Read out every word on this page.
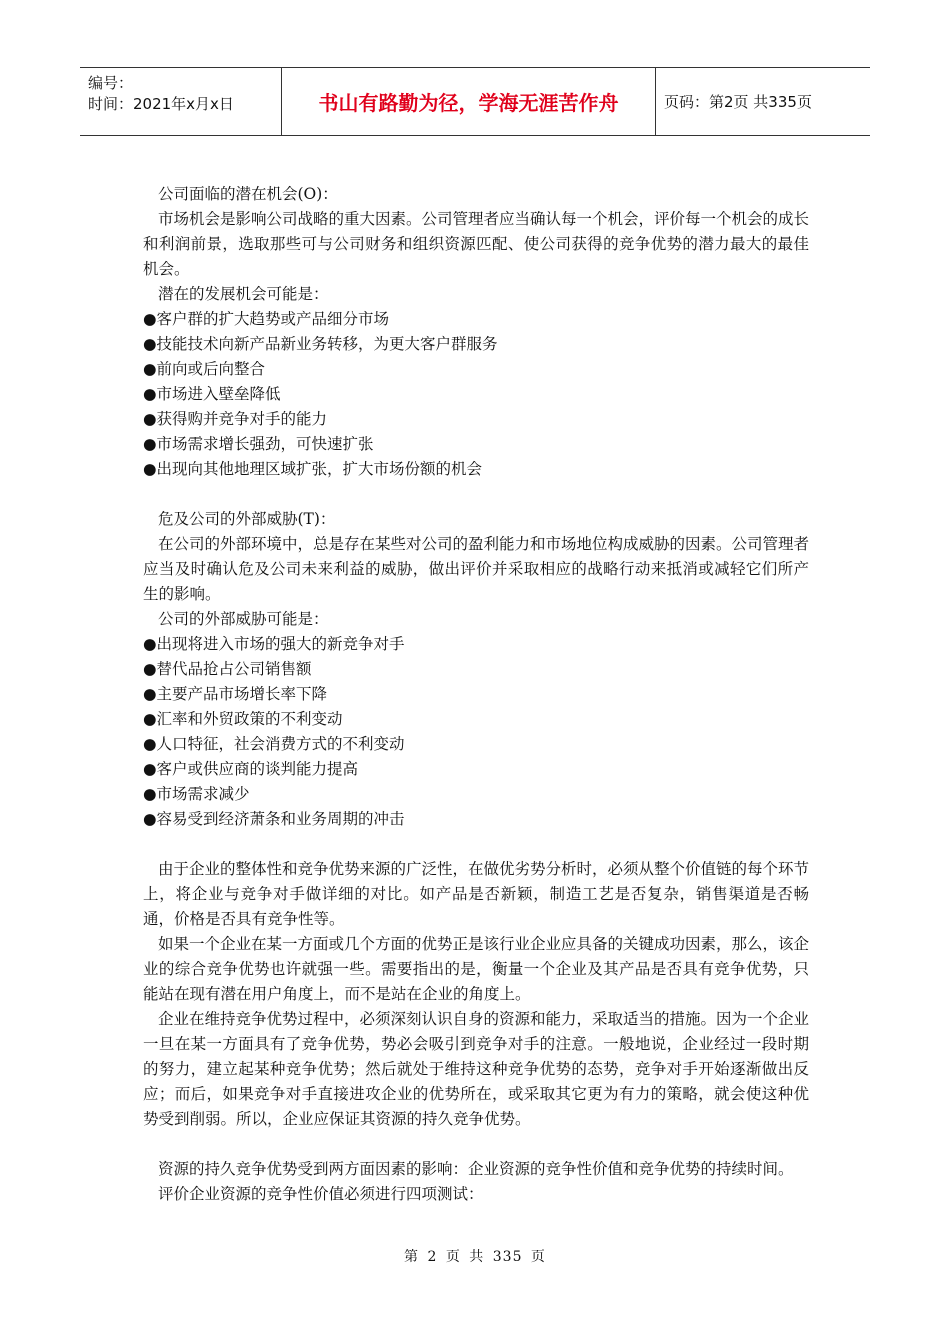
编号：
时间：2021年x月x日	书山有路勤为径，学海无涯苦作舟	页码：第2页 共335页

公司面临的潜在机会(O)：

市场机会是影响公司战略的重大因素。公司管理者应当确认每一个机会，评价每一个机会的成长和利润前景，选取那些可与公司财务和组织资源匹配、使公司获得的竞争优势的潜力最大的最佳机会。

潜在的发展机会可能是：

●客户群的扩大趋势或产品细分市场
●技能技术向新产品新业务转移，为更大客户群服务
●前向或后向整合
●市场进入壁垒降低
●获得购并竞争对手的能力
●市场需求增长强劲，可快速扩张
●出现向其他地理区域扩张，扩大市场份额的机会

危及公司的外部威胁(T)：

在公司的外部环境中，总是存在某些对公司的盈利能力和市场地位构成威胁的因素。公司管理者应当及时确认危及公司未来利益的威胁，做出评价并采取相应的战略行动来抵消或减轻它们所产生的影响。

公司的外部威胁可能是：

●出现将进入市场的强大的新竞争对手
●替代品抢占公司销售额
●主要产品市场增长率下降
●汇率和外贸政策的不利变动
●人口特征，社会消费方式的不利变动
●客户或供应商的谈判能力提高
●市场需求减少
●容易受到经济萧条和业务周期的冲击

由于企业的整体性和竞争优势来源的广泛性，在做优劣势分析时，必须从整个价值链的每个环节上，将企业与竞争对手做详细的对比。如产品是否新颖，制造工艺是否复杂，销售渠道是否畅通，价格是否具有竞争性等。

如果一个企业在某一方面或几个方面的优势正是该行业企业应具备的关键成功因素，那么，该企业的综合竞争优势也许就强一些。需要指出的是，衡量一个企业及其产品是否具有竞争优势，只能站在现有潜在用户角度上，而不是站在企业的角度上。

企业在维持竞争优势过程中，必须深刻认识自身的资源和能力，采取适当的措施。因为一个企业一旦在某一方面具有了竞争优势，势必会吸引到竞争对手的注意。一般地说，企业经过一段时期的努力，建立起某种竞争优势；然后就处于维持这种竞争优势的态势，竞争对手开始逐渐做出反应；而后，如果竞争对手直接进攻企业的优势所在，或采取其它更为有力的策略，就会使这种优势受到削弱。所以，企业应保证其资源的持久竞争优势。

资源的持久竞争优势受到两方面因素的影响：企业资源的竞争性价值和竞争优势的持续时间。

评价企业资源的竞争性价值必须进行四项测试：

第 2 页 共 335 页
